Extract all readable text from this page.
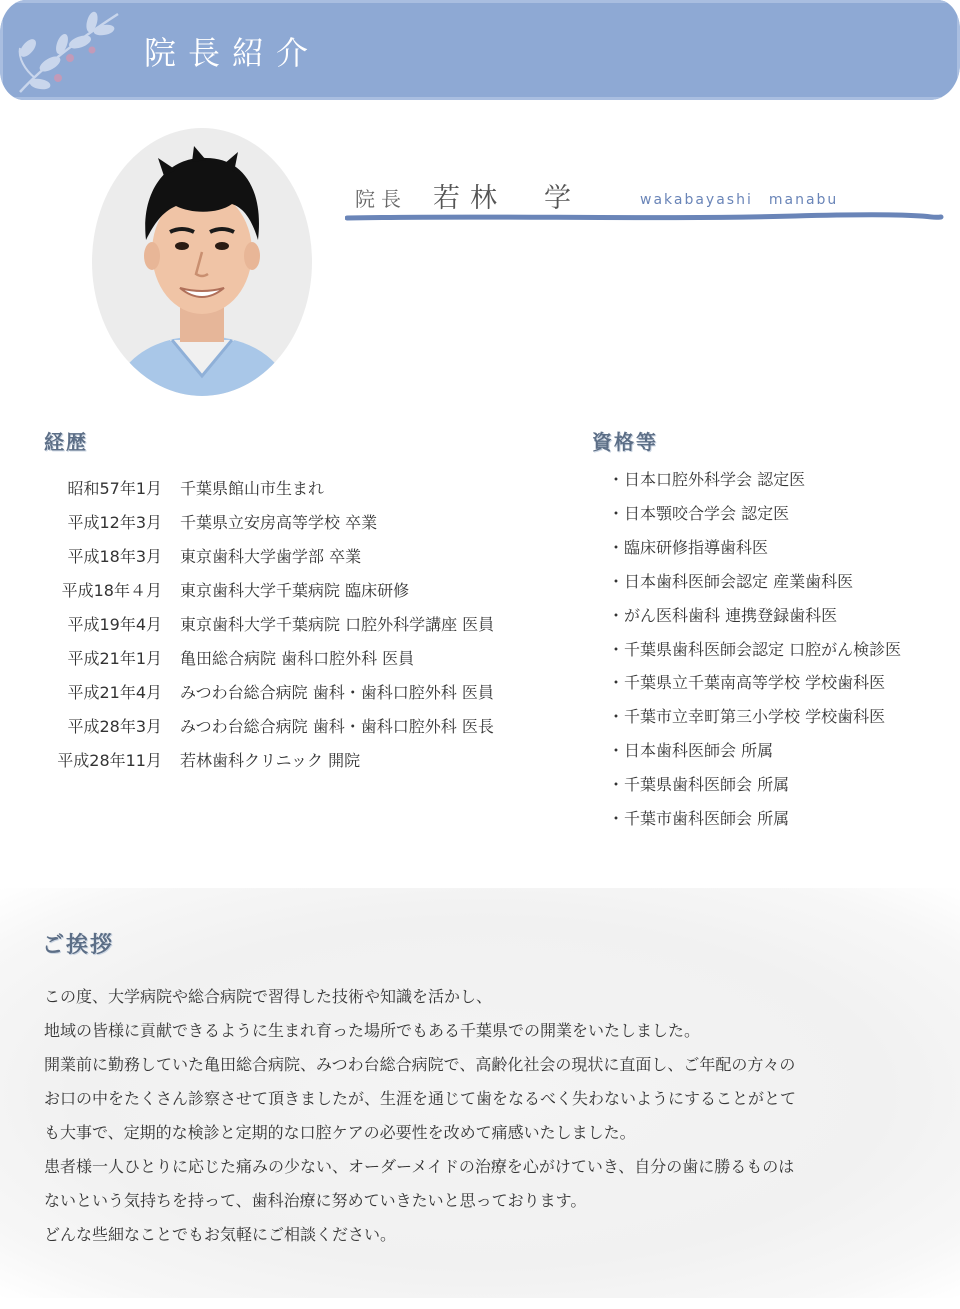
院長紹介
院長 若林　学	wakabayashi　manabu
経歴
昭和57年1月 千葉県館山市生まれ
平成12年3月 千葉県立安房高等学校 卒業
平成18年3月 東京歯科大学歯学部 卒業
平成18年４月 東京歯科大学千葉病院 臨床研修
平成19年4月 東京歯科大学千葉病院 口腔外科学講座 医員
平成21年1月 亀田総合病院 歯科口腔外科 医員
平成21年4月 みつわ台総合病院 歯科・歯科口腔外科 医員
平成28年3月 みつわ台総合病院 歯科・歯科口腔外科 医長
平成28年11月 若林歯科クリニック 開院
資格等
・日本口腔外科学会 認定医
・日本顎咬合学会 認定医
・臨床研修指導歯科医
・日本歯科医師会認定 産業歯科医
・がん医科歯科 連携登録歯科医
・千葉県歯科医師会認定 口腔がん検診医
・千葉県立千葉南高等学校 学校歯科医
・千葉市立幸町第三小学校 学校歯科医
・日本歯科医師会 所属
・千葉県歯科医師会 所属
・千葉市歯科医師会 所属
ご挨拶
この度、大学病院や総合病院で習得した技術や知識を活かし、
地域の皆様に貢献できるように生まれ育った場所でもある千葉県での開業をいたしました。
開業前に勤務していた亀田総合病院、みつわ台総合病院で、高齢化社会の現状に直面し、ご年配の方々の
お口の中をたくさん診察させて頂きましたが、生涯を通じて歯をなるべく失わないようにすることがとて
も大事で、定期的な検診と定期的な口腔ケアの必要性を改めて痛感いたしました。
患者様一人ひとりに応じた痛みの少ない、オーダーメイドの治療を心がけていき、自分の歯に勝るものは
ないという気持ちを持って、歯科治療に努めていきたいと思っております。
どんな些細なことでもお気軽にご相談ください。
